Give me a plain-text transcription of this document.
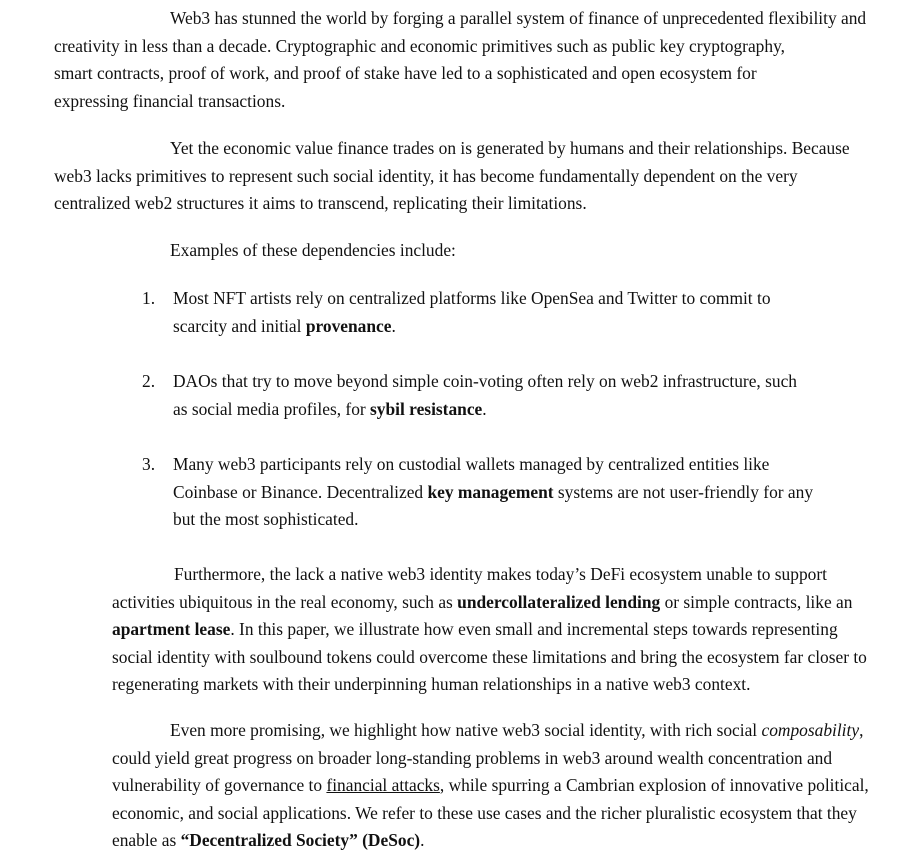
Web3 has stunned the world by forging a parallel system of finance of unprecedented flexibility and
creativity in less than a decade. Cryptographic and economic primitives such as public key cryptography,
smart contracts, proof of work, and proof of stake have led to a sophisticated and open ecosystem for
expressing financial transactions.
Yet the economic value finance trades on is generated by humans and their relationships. Because
web3 lacks primitives to represent such social identity, it has become fundamentally dependent on the very
centralized web2 structures it aims to transcend, replicating their limitations.
Examples of these dependencies include:
1. Most NFT artists rely on centralized platforms like OpenSea and Twitter to commit to
scarcity and initial provenance.
2. DAOs that try to move beyond simple coin-voting often rely on web2 infrastructure, such
as social media profiles, for sybil resistance.
3. Many web3 participants rely on custodial wallets managed by centralized entities like
Coinbase or Binance. Decentralized key management systems are not user-friendly for any
but the most sophisticated.
Furthermore, the lack a native web3 identity makes today’s DeFi ecosystem unable to support
activities ubiquitous in the real economy, such as undercollateralized lending or simple contracts, like an
apartment lease. In this paper, we illustrate how even small and incremental steps towards representing
social identity with soulbound tokens could overcome these limitations and bring the ecosystem far closer to
regenerating markets with their underpinning human relationships in a native web3 context.
Even more promising, we highlight how native web3 social identity, with rich social composability,
could yield great progress on broader long-standing problems in web3 around wealth concentration and
vulnerability of governance to financial attacks, while spurring a Cambrian explosion of innovative political,
economic, and social applications. We refer to these use cases and the richer pluralistic ecosystem that they
enable as “Decentralized Society” (DeSoc).
